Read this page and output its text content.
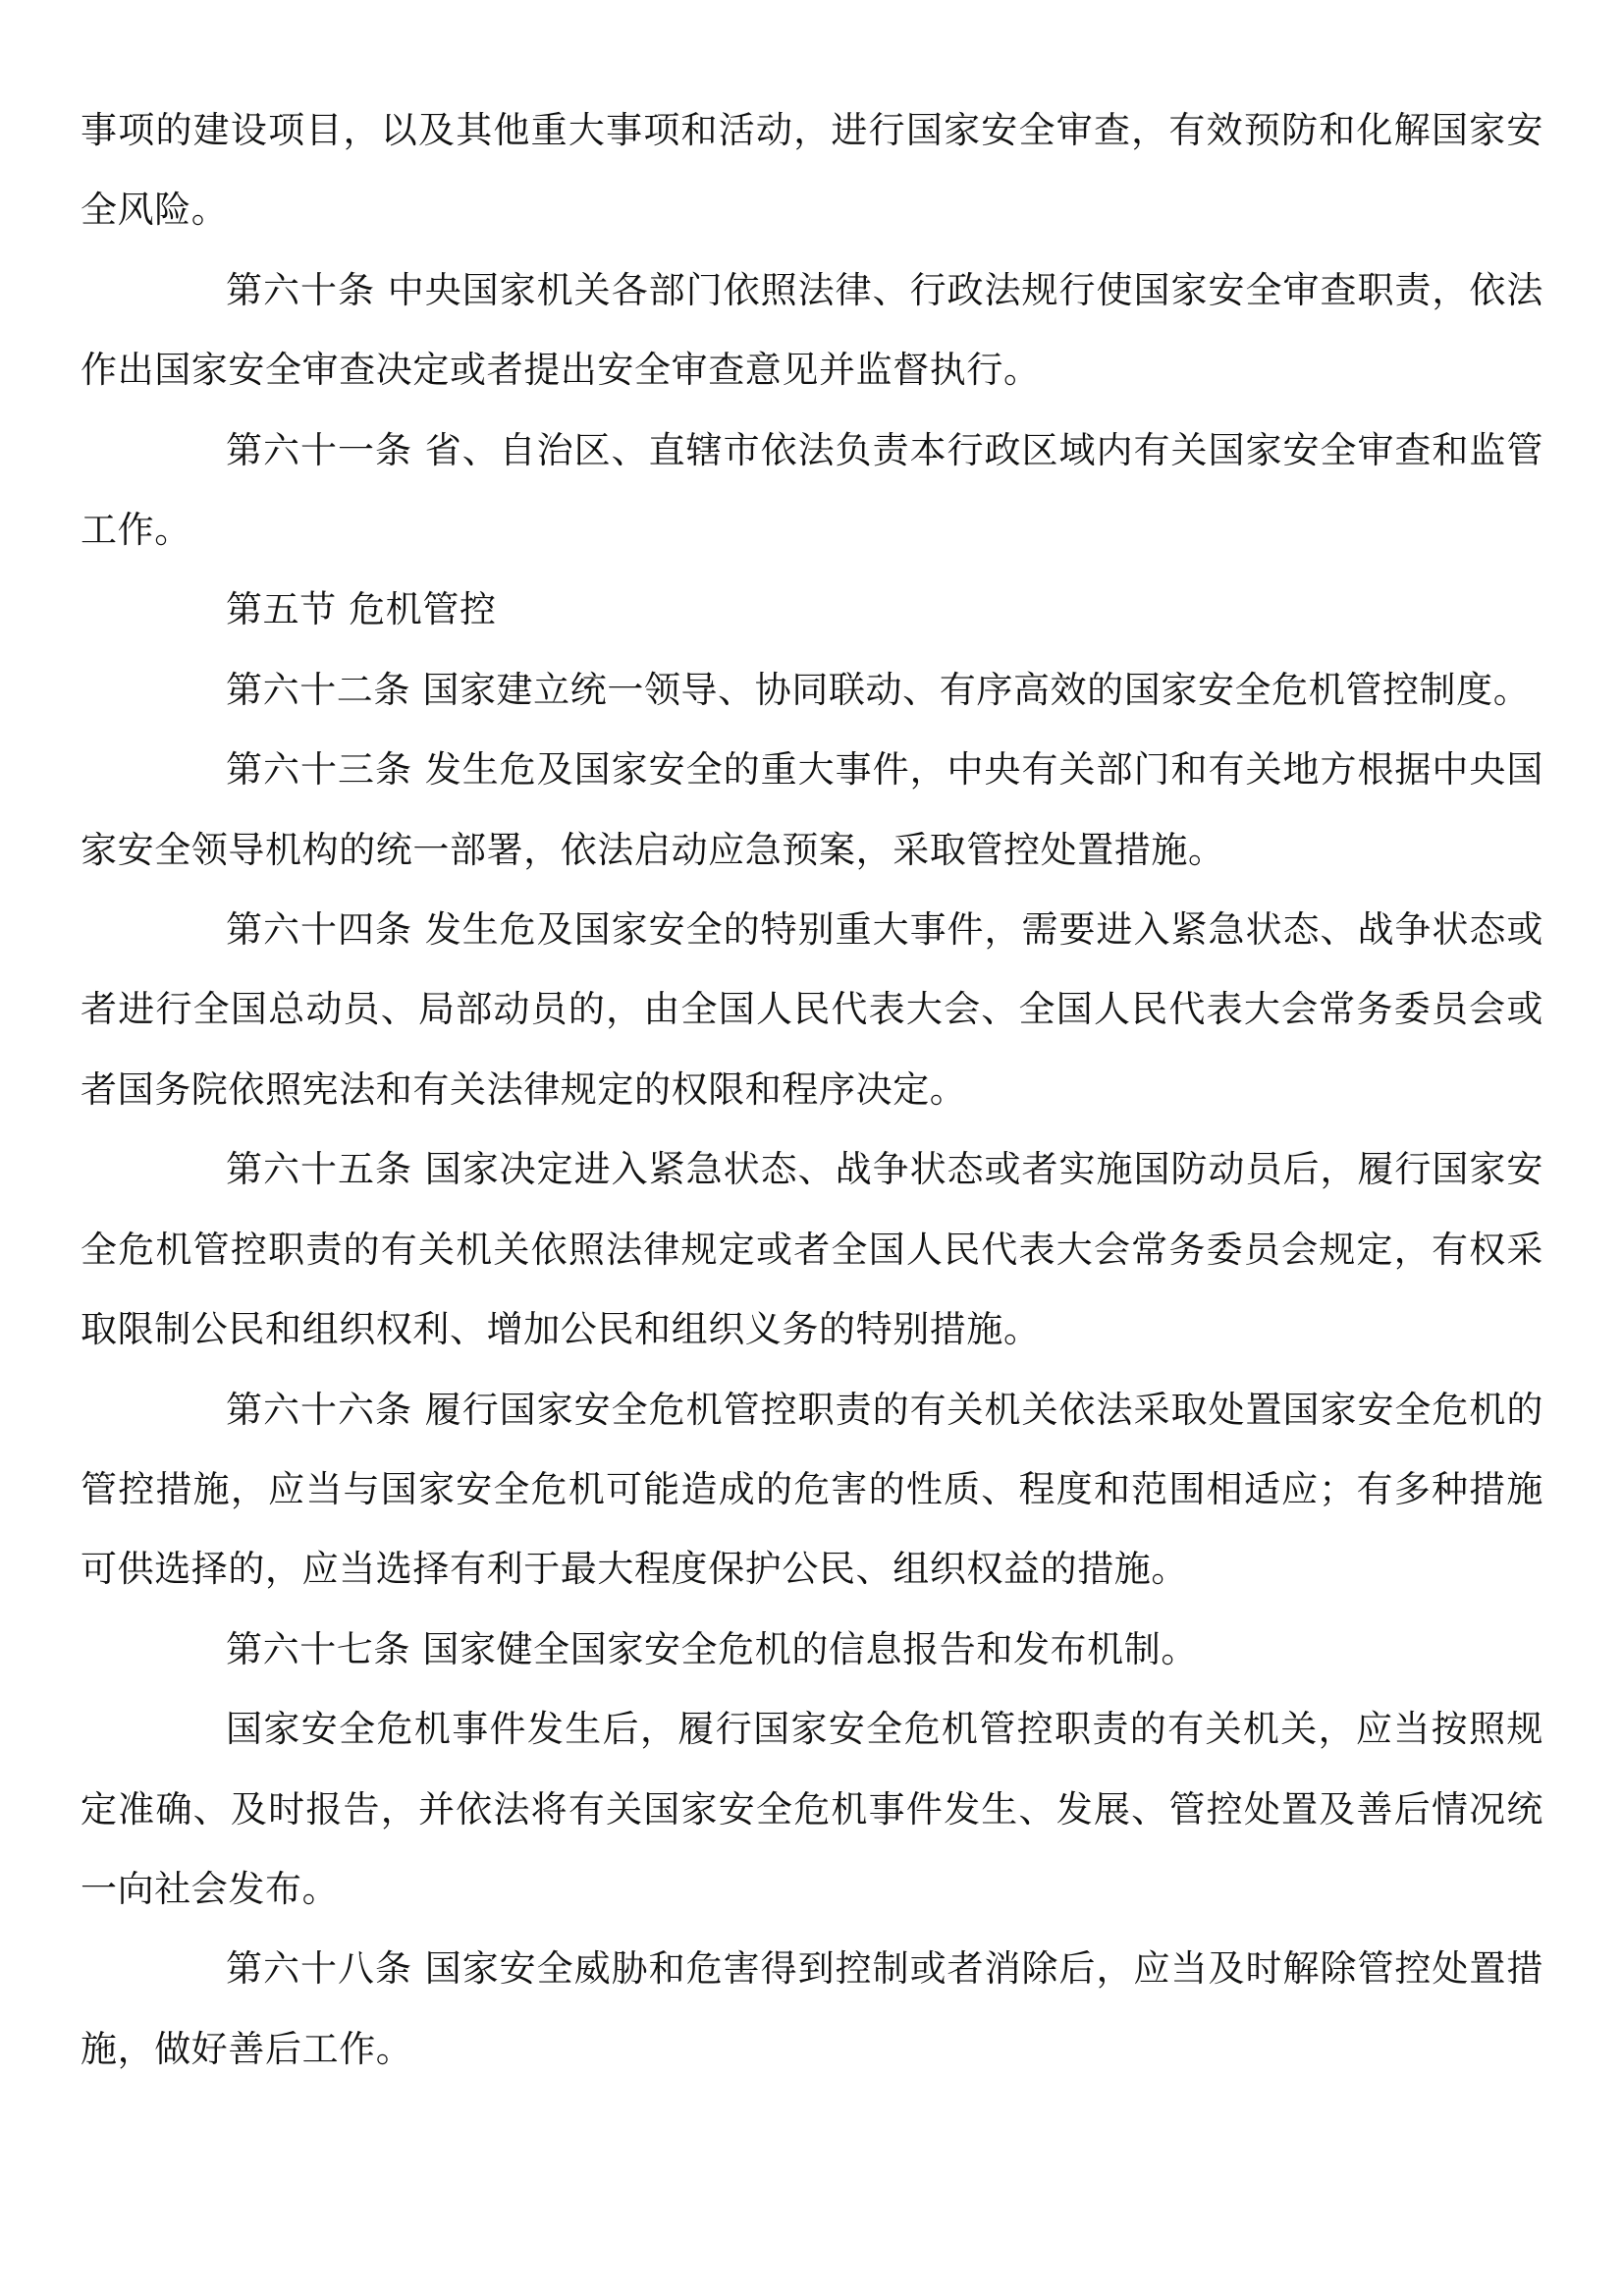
事项的建设项目，以及其他重大事项和活动，进行国家安全审查，有效预防和化解国家安全风险。

第六十条 中央国家机关各部门依照法律、行政法规行使国家安全审查职责，依法作出国家安全审查决定或者提出安全审查意见并监督执行。

第六十一条 省、自治区、直辖市依法负责本行政区域内有关国家安全审查和监管工作。

第五节 危机管控

第六十二条 国家建立统一领导、协同联动、有序高效的国家安全危机管控制度。

第六十三条 发生危及国家安全的重大事件，中央有关部门和有关地方根据中央国家安全领导机构的统一部署，依法启动应急预案，采取管控处置措施。

第六十四条 发生危及国家安全的特别重大事件，需要进入紧急状态、战争状态或者进行全国总动员、局部动员的，由全国人民代表大会、全国人民代表大会常务委员会或者国务院依照宪法和有关法律规定的权限和程序决定。

第六十五条 国家决定进入紧急状态、战争状态或者实施国防动员后，履行国家安全危机管控职责的有关机关依照法律规定或者全国人民代表大会常务委员会规定，有权采取限制公民和组织权利、增加公民和组织义务的特别措施。

第六十六条 履行国家安全危机管控职责的有关机关依法采取处置国家安全危机的管控措施，应当与国家安全危机可能造成的危害的性质、程度和范围相适应；有多种措施可供选择的，应当选择有利于最大程度保护公民、组织权益的措施。

第六十七条 国家健全国家安全危机的信息报告和发布机制。

国家安全危机事件发生后，履行国家安全危机管控职责的有关机关，应当按照规定准确、及时报告，并依法将有关国家安全危机事件发生、发展、管控处置及善后情况统一向社会发布。

第六十八条 国家安全威胁和危害得到控制或者消除后，应当及时解除管控处置措施，做好善后工作。
